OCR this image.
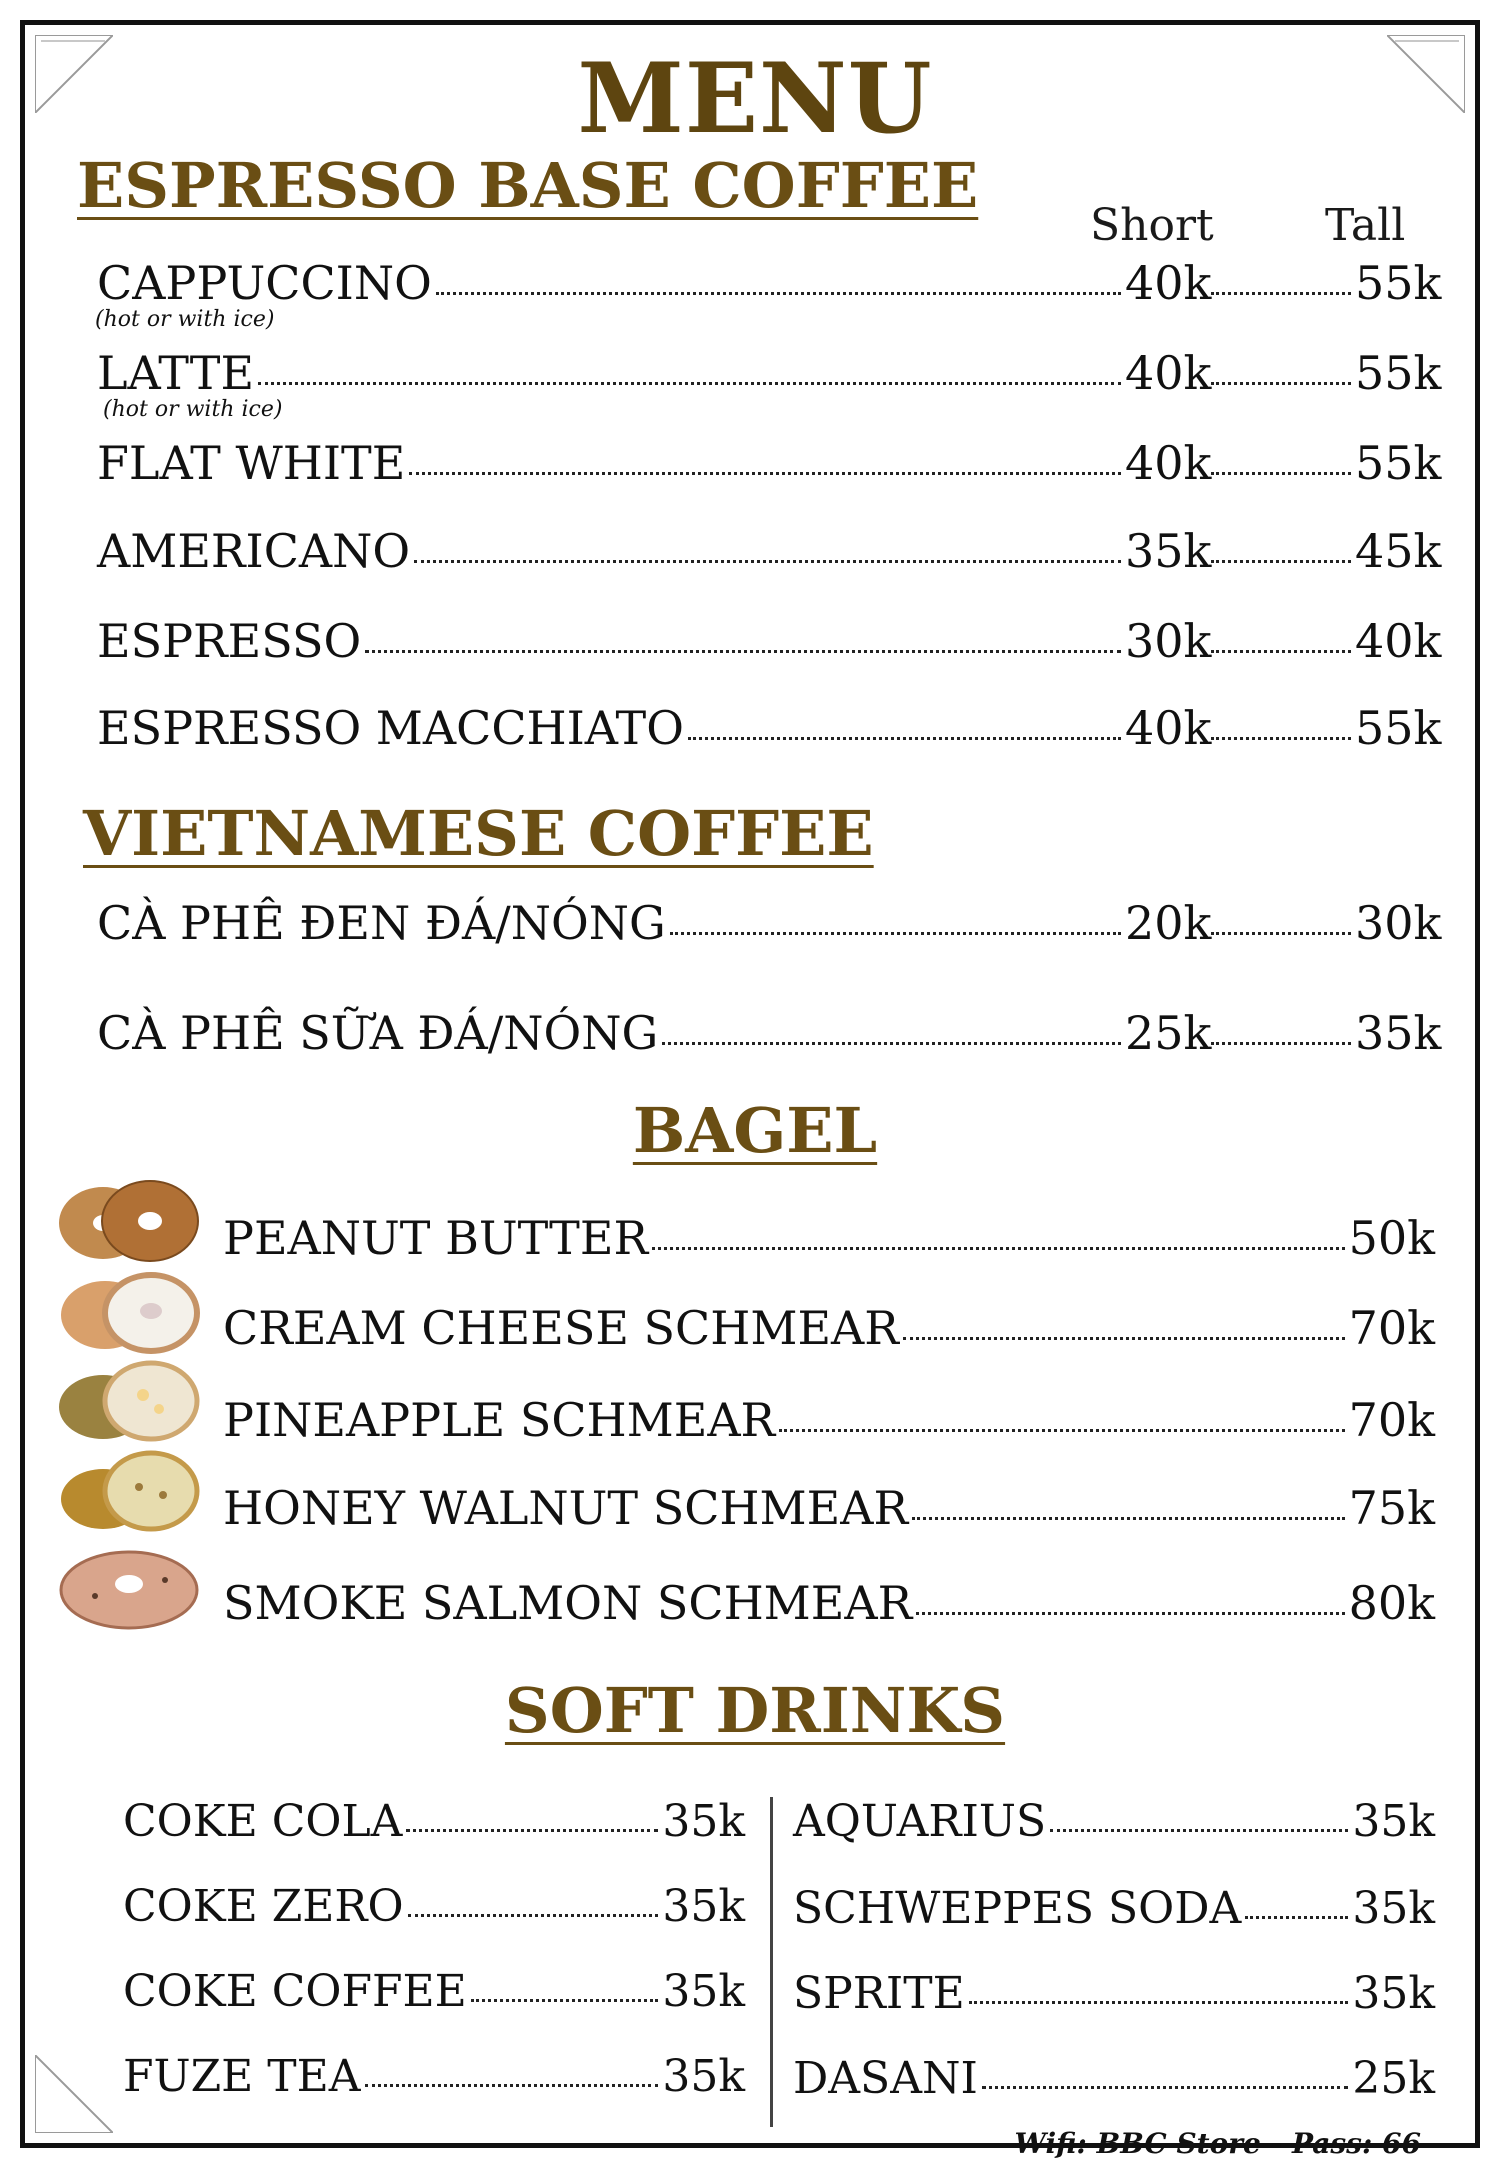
MENU
ESPRESSO BASE COFFEE
Short	Tall
CAPPUCCINO	40k	55k
(hot or with ice)
LATTE	40k	55k
(hot or with ice)
FLAT WHITE	40k	55k
AMERICANO	35k	45k
ESPRESSO	30k	40k
ESPRESSO MACCHIATO	40k	55k
VIETNAMESE COFFEE
CÀ PHÊ ĐEN ĐÁ/NÓNG	20k	30k
CÀ PHÊ SỮA ĐÁ/NÓNG	25k	35k
BAGEL
PEANUT BUTTER	50k
CREAM CHEESE SCHMEAR	70k
PINEAPPLE SCHMEAR	70k
HONEY WALNUT SCHMEAR	75k
SMOKE SALMON SCHMEAR	80k
SOFT DRINKS
COKE COLA	35k
COKE ZERO	35k
COKE COFFEE	35k
FUZE TEA	35k
AQUARIUS	35k
SCHWEPPES SODA	35k
SPRITE	35k
DASANI	25k
Wifi: BBC Store - Pass: 66
